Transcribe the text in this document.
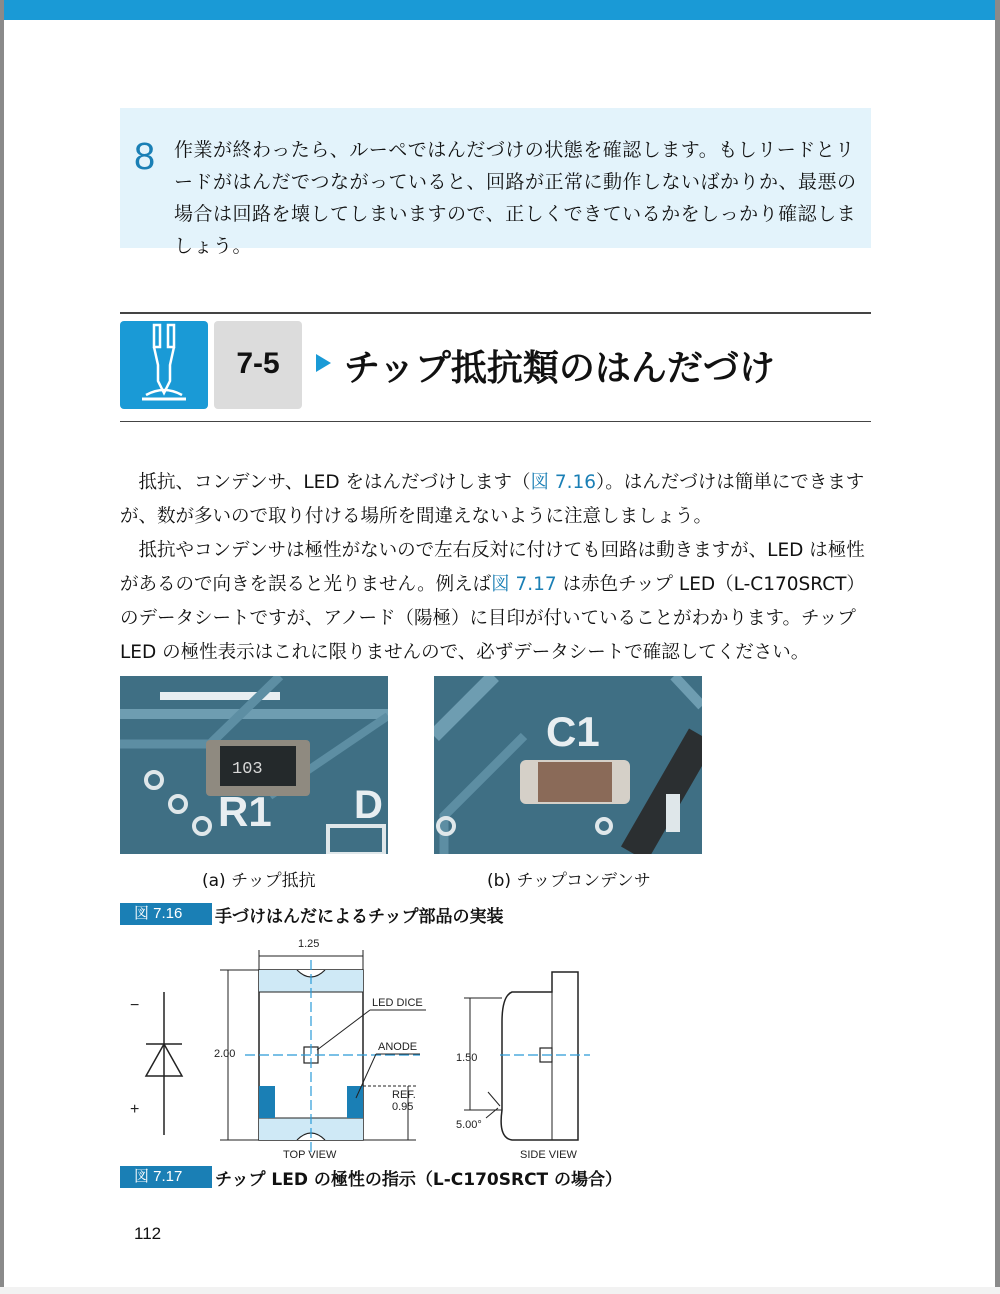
8 作業が終わったら、ルーペではんだづけの状態を確認します。もしリードとリードがはんだでつながっていると、回路が正常に動作しないばかりか、最悪の場合は回路を壊してしまいますので、正しくできているかをしっかり確認しましょう。
7-5	チップ抵抗類のはんだづけ

抵抗、コンデンサ、LED をはんだづけします（図 7.16）。はんだづけは簡単にできますが、数が多いので取り付ける場所を間違えないように注意しましょう。

抵抗やコンデンサは極性がないので左右反対に付けても回路は動きますが、LED は極性があるので向きを誤ると光りません。例えば図 7.17 は赤色チップ LED（L-C170SRCT）のデータシートですが、アノード（陽極）に目印が付いていることがわかります。チップ LED の極性表示はこれに限りませんので、必ずデータシートで確認してください。

103
R1 D
(a) チップ抵抗
C1
(b) チップコンデンサ
図 7.16	手づけはんだによるチップ部品の実装
−
+
1.25
2.00
LED DICE
ANODE
REF.
0.95
TOP VIEW
1.50
5.00°
SIDE VIEW
図 7.17	チップ LED の極性の指示（L-C170SRCT の場合）
112
